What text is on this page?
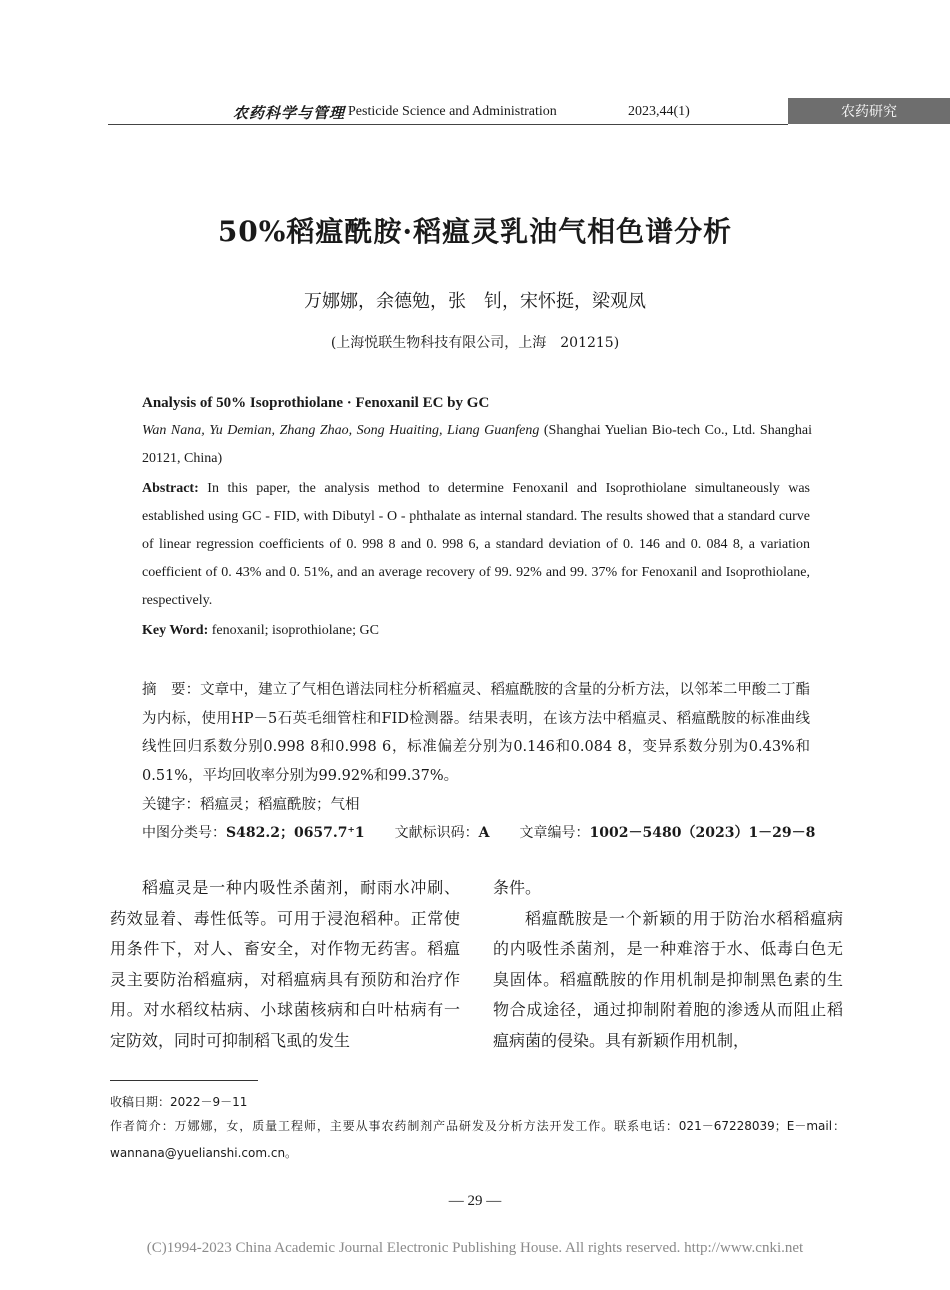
农药科学与管理 Pesticide Science and Administration	2023,44(1)	农药研究
50%稻瘟酰胺·稻瘟灵乳油气相色谱分析
万娜娜，余德勉，张　钊，宋怀挺，梁观凤
(上海悦联生物科技有限公司，上海　201215)
Analysis of 50% Isoprothiolane · Fenoxanil EC by GC
Wan Nana, Yu Demian, Zhang Zhao, Song Huaiting, Liang Guanfeng (Shanghai Yuelian Bio-tech Co., Ltd. Shanghai 20121, China)
Abstract: In this paper, the analysis method to determine Fenoxanil and Isoprothiolane simultaneously was established using GC - FID, with Dibutyl - O - phthalate as internal standard. The results showed that a standard curve of linear regression coefficients of 0. 998 8 and 0. 998 6, a standard deviation of 0. 146 and 0. 084 8, a variation coefficient of 0. 43% and 0. 51%, and an average recovery of 99. 92% and 99. 37% for Fenoxanil and Isoprothiolane, respectively.
Key Word: fenoxanil; isoprothiolane; GC
摘　要：文章中，建立了气相色谱法同柱分析稻瘟灵、稻瘟酰胺的含量的分析方法，以邻苯二甲酸二丁酯为内标，使用HP－5石英毛细管柱和FID检测器。结果表明，在该方法中稻瘟灵、稻瘟酰胺的标准曲线线性回归系数分别0.998 8和0.998 6，标准偏差分别为0.146和0.084 8，变异系数分别为0.43%和0.51%，平均回收率分别为99.92%和99.37%。
关键字：稻瘟灵；稻瘟酰胺；气相
中图分类号：S482.2；0657.7⁺1 文献标识码：A 文章编号：1002－5480（2023）1－29－8
稻瘟灵是一种内吸性杀菌剂，耐雨水冲刷、药效显着、毒性低等。可用于浸泡稻种。正常使用条件下，对人、畜安全，对作物无药害。稻瘟灵主要防治稻瘟病，对稻瘟病具有预防和治疗作用。对水稻纹枯病、小球菌核病和白叶枯病有一定防效，同时可抑制稻飞虱的发生
条件。
稻瘟酰胺是一个新颖的用于防治水稻稻瘟病的内吸性杀菌剂，是一种难溶于水、低毒白色无臭固体。稻瘟酰胺的作用机制是抑制黑色素的生物合成途径，通过抑制附着胞的渗透从而阻止稻瘟病菌的侵染。具有新颖作用机制，
收稿日期：2022－9－11
作者简介：万娜娜，女，质量工程师，主要从事农药制剂产品研发及分析方法开发工作。联系电话：021－67228039；E－mail：wannana@yuelianshi.com.cn。
— 29 —
(C)1994-2023 China Academic Journal Electronic Publishing House. All rights reserved. http://www.cnki.net
